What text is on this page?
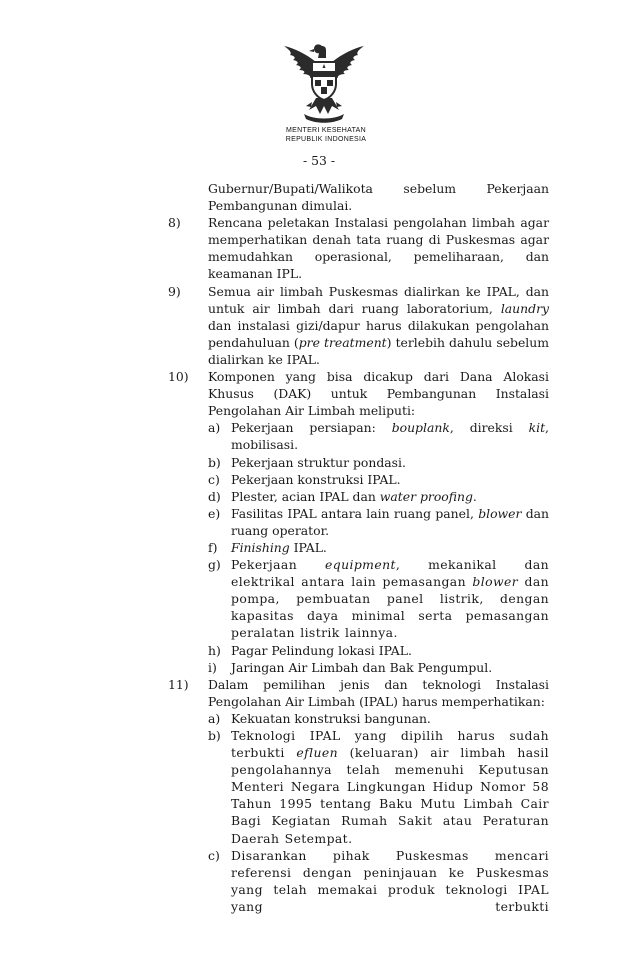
MENTERI KESEHATAN
REPUBLIK INDONESIA
- 53 -
Gubernur/Bupati/Walikota sebelum Pekerjaan
Pembangunan dimulai.
8) Rencana peletakan Instalasi pengolahan limbah agar memperhatikan denah tata ruang di Puskesmas agar memudahkan operasional, pemeliharaan, dan keamanan IPL.
9) Semua air limbah Puskesmas dialirkan ke IPAL, dan untuk air limbah dari ruang laboratorium, laundry dan instalasi gizi/dapur harus dilakukan pengolahan pendahuluan (pre treatment) terlebih dahulu sebelum dialirkan ke IPAL.
10) Komponen yang bisa dicakup dari Dana Alokasi Khusus (DAK) untuk Pembangunan Instalasi Pengolahan Air Limbah meliputi:
a) Pekerjaan persiapan: bouplank, direksi kit, mobilisasi.
b) Pekerjaan struktur pondasi.
c) Pekerjaan konstruksi IPAL.
d) Plester, acian IPAL dan water proofing.
e) Fasilitas IPAL antara lain ruang panel, blower dan ruang operator.
f) Finishing IPAL.
g) Pekerjaan equipment, mekanikal dan elektrikal antara lain pemasangan blower dan pompa, pembuatan panel listrik, dengan kapasitas daya minimal serta pemasangan peralatan listrik lainnya.
h) Pagar Pelindung lokasi IPAL.
i) Jaringan Air Limbah dan Bak Pengumpul.
11) Dalam pemilihan jenis dan teknologi Instalasi Pengolahan Air Limbah (IPAL) harus memperhatikan:
a) Kekuatan konstruksi bangunan.
b) Teknologi IPAL yang dipilih harus sudah terbukti efluen (keluaran) air limbah hasil pengolahannya telah memenuhi Keputusan Menteri Negara Lingkungan Hidup Nomor 58 Tahun 1995 tentang Baku Mutu Limbah Cair Bagi Kegiatan Rumah Sakit atau Peraturan Daerah Setempat.
c) Disarankan pihak Puskesmas mencari referensi dengan peninjauan ke Puskesmas yang telah memakai produk teknologi IPAL yang terbukti
